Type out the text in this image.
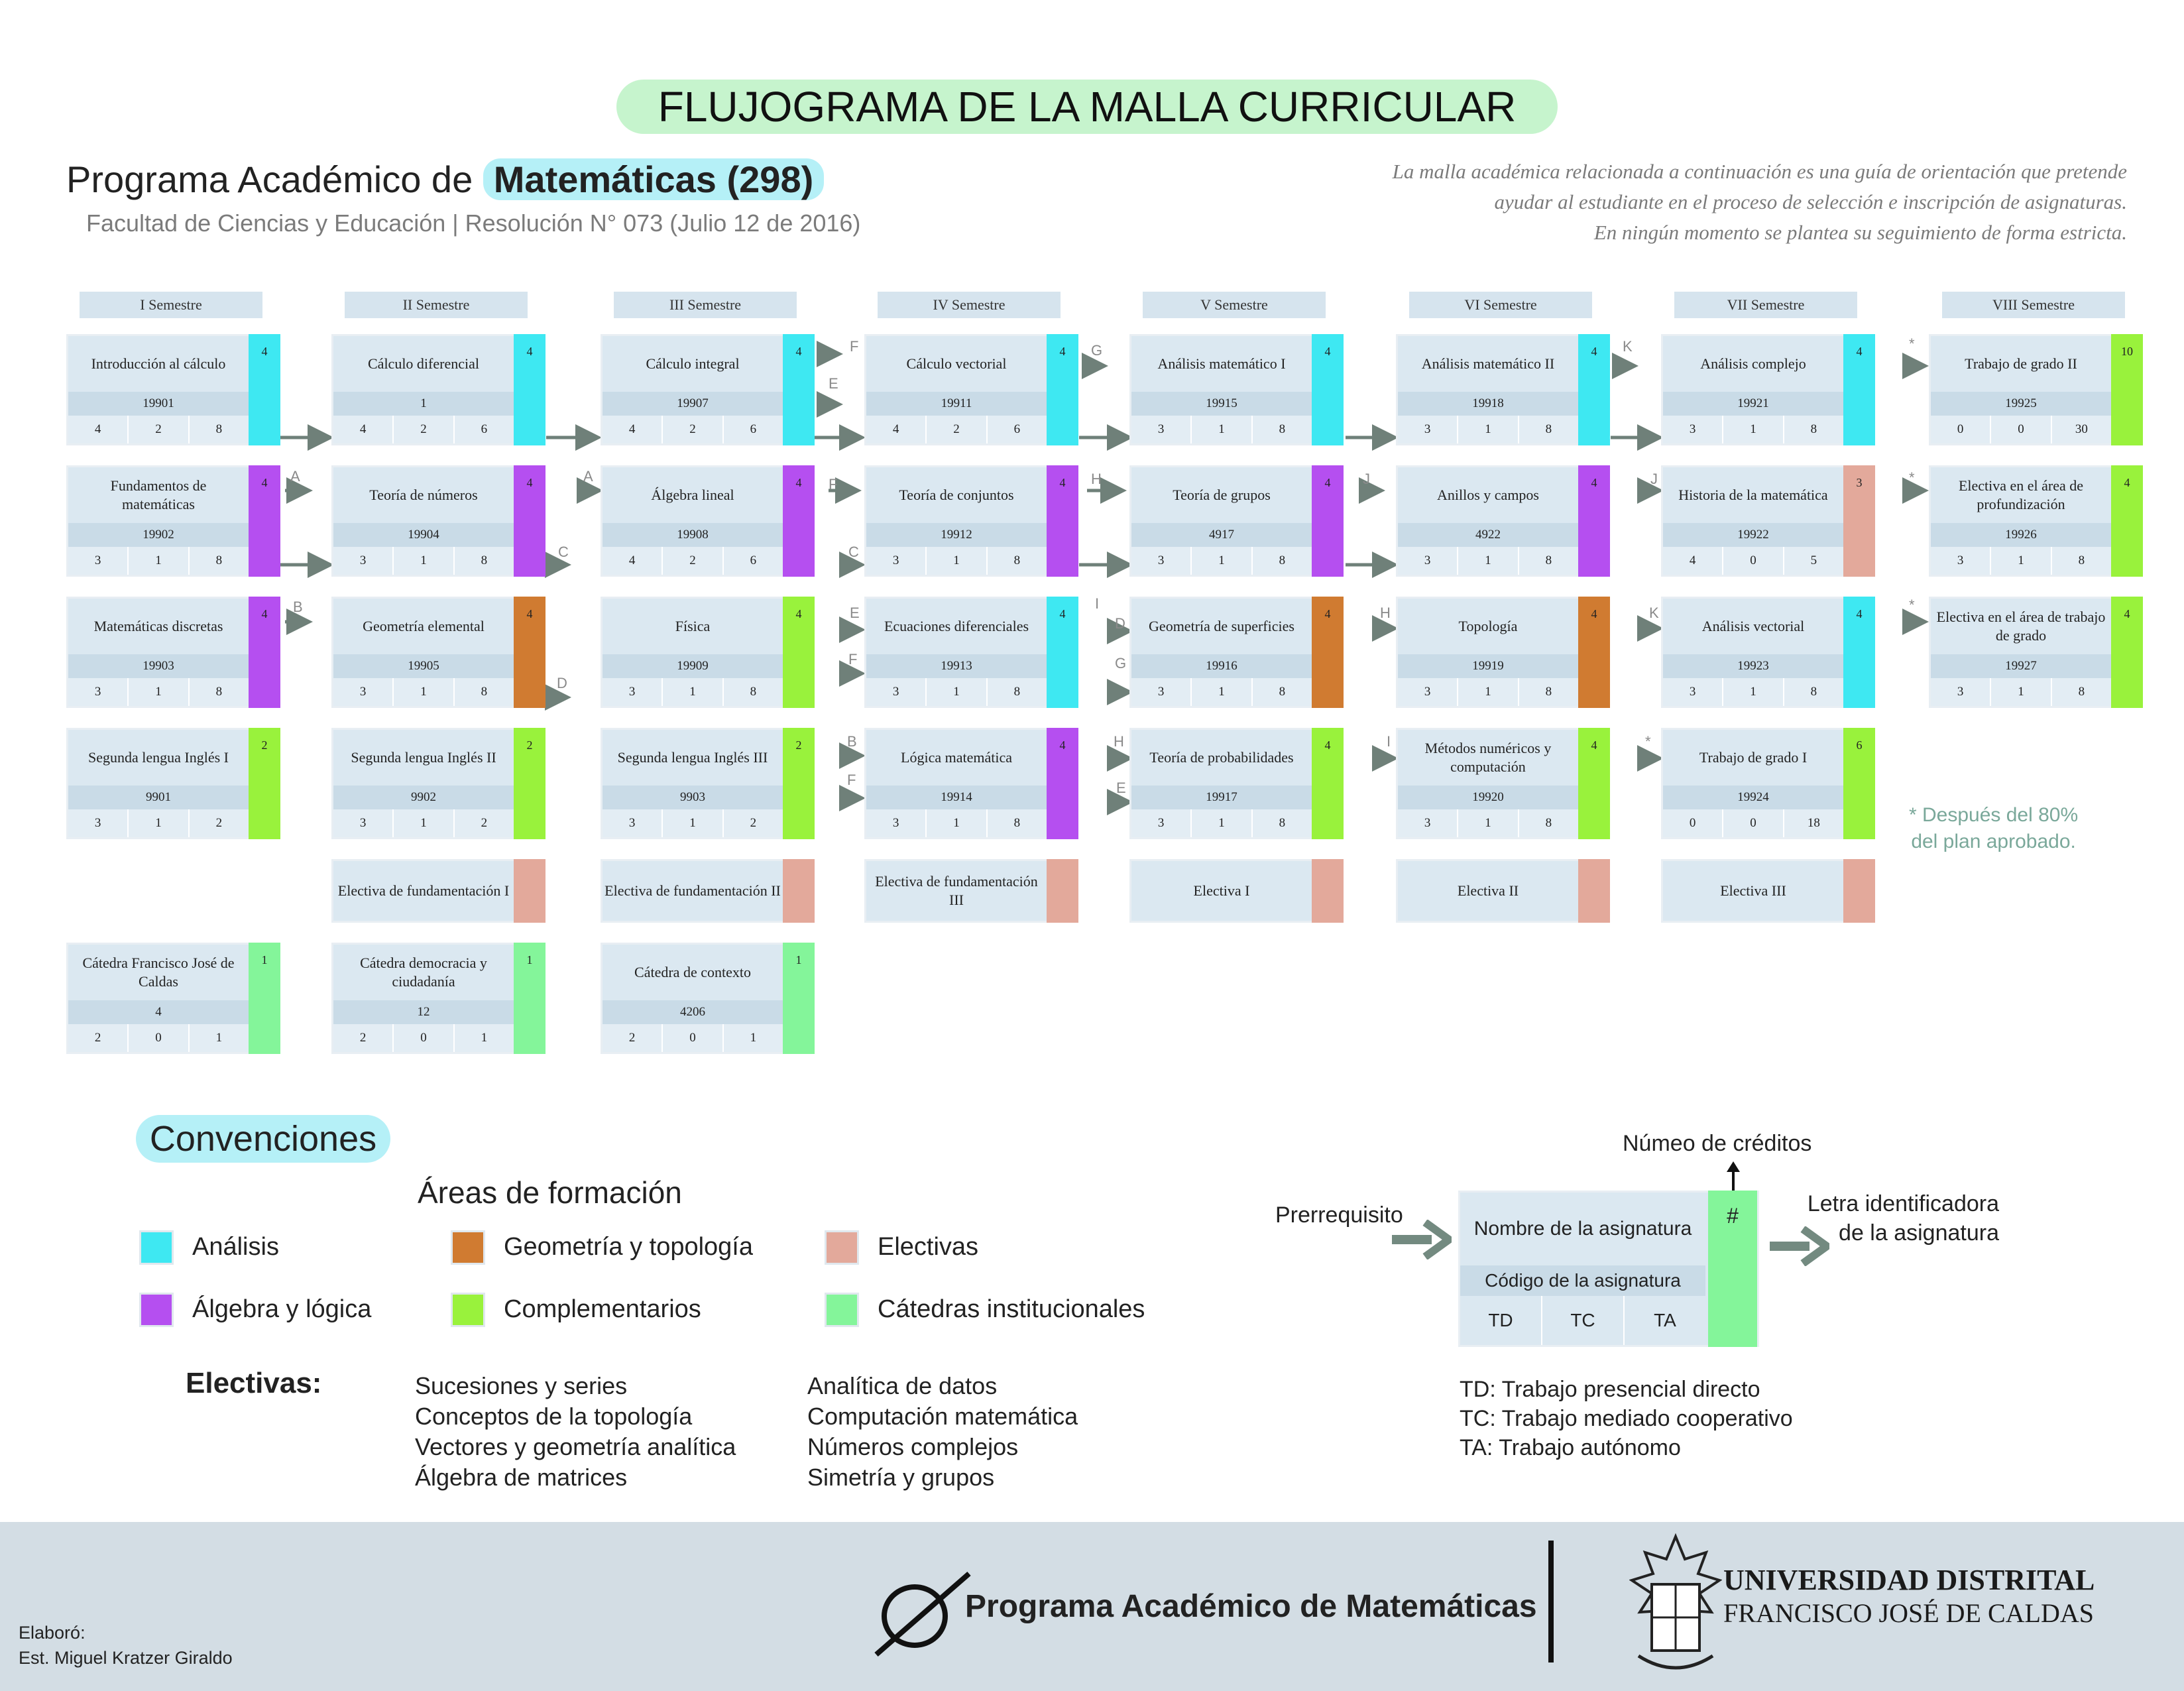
FLUJOGRAMA DE LA MALLA CURRICULAR
Programa Académico de Matemáticas (298)
Facultad de Ciencias y Educación | Resolución N° 073 (Julio 12 de 2016)
La malla académica relacionada a continuación es una guía de orientación que pretende
ayudar al estudiante en el proceso de selección e inscripción de asignaturas.
En ningún momento se plantea su seguimiento de forma estricta.
I Semestre	II Semestre	III Semestre	IV Semestre	V Semestre	VI Semestre	VII Semestre	VIII Semestre
Introducción al cálculo
19901
4	2	8
4
Cálculo diferencial
1
4	2	6
4
Cálculo integral
19907
4	2	6
4
Cálculo vectorial
19911
4	2	6
4
Análisis matemático I
19915
3	1	8
4
Análisis matemático II
19918
3	1	8
4
Análisis complejo
19921
3	1	8
4
Trabajo de grado II
19925
0	0	30
10
Fundamentos de matemáticas
19902
3	1	8
4
Teoría de números
19904
3	1	8
4
Álgebra lineal
19908
4	2	6
4
Teoría de conjuntos
19912
3	1	8
4
Teoría de grupos
4917
3	1	8
4
Anillos y campos
4922
3	1	8
4
Historia de la matemática
19922
4	0	5
3	Electiva en el área de profundización
19926
3	1	8
4
Matemáticas discretas
19903
3	1	8
4
Geometría elemental
19905
3	1	8
4
Física
19909
3	1	8
4
Ecuaciones diferenciales
19913
3	1	8
4
Geometría de superficies
19916
3	1	8
4
Topología
19919
3	1	8
4
Análisis vectorial
19923
3	1	8
4	Electiva en el área de trabajo de grado
19927
3	1	8
4
Segunda lengua Inglés I
9901
3	1	2
2
Segunda lengua Inglés II
9902
3	1	2
2
Segunda lengua Inglés III
9903
3	1	2
2
Lógica matemática
19914
3	1	8
4
Teoría de probabilidades
19917
3	1	8
4	Métodos numéricos y computación
19920
3	1	8
4
Trabajo de grado I
19924
0	0	18
6
Cátedra Francisco José de Caldas
4
2	0	1
1	Cátedra democracia y ciudadanía
12
2	0	1
1
Cátedra de contexto
4206
2	0	1
1
Electiva de fundamentación I	Electiva de fundamentación II
Electiva de fundamentación III
Electiva I	Electiva II	Electiva III
A
B
A
C
D
F
E
F
C
E
F
B
F
G
H
I
D
G
H
E
J
H
I
K
J
K
*
*
*
*
* Después del 80%
del plan aprobado.
Convenciones
Áreas de formación
Análisis
Álgebra y lógica
Geometría y topología
Complementarios
Electivas
Cátedras institucionales
Electivas:	Sucesiones y series
Conceptos de la topología
Vectores y geometría analítica
Álgebra de matrices
Analítica de datos
Computación matemática
Números complejos
Simetría y grupos
Númeo de créditos
Prerrequisito
Nombre de la asignatura
Código de la asignatura
TD	TC	TA
#	Letra identificadora
de la asignatura
TD: Trabajo presencial directo
TC: Trabajo mediado cooperativo
TA: Trabajo autónomo
Elaboró:
Est. Miguel Kratzer Giraldo
Programa Académico de Matemáticas
UNIVERSIDAD DISTRITAL
FRANCISCO JOSÉ DE CALDAS
